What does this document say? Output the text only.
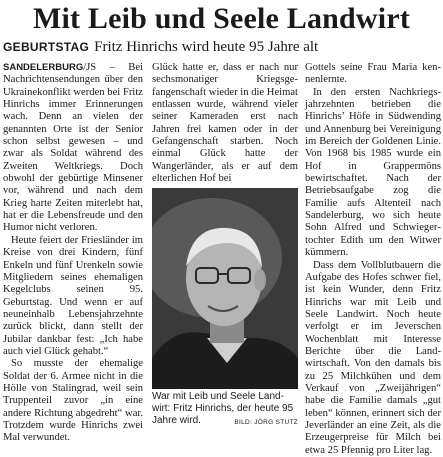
Mit Leib und Seele Landwirt
GEBURTSTAG Fritz Hinrichs wird heute 95 Jahre alt

SANDELERBURG/JS – Bei Nachrichtensendungen über den Ukrainekonflikt werden bei Fritz Hinrichs immer Erinnerungen wach. Denn an vielen der genannten Orte ist der Senior schon selbst gewesen – und zwar als Soldat während des Zweiten Weltkriegs. Doch obwohl der gebürtige Minsener vor, während und nach dem Krieg harte Zeiten miterlebt hat, hat er die Lebensfreude und den Humor nicht verloren.

Heute feiert der Friesländer im Kreise von drei Kindern, fünf Enkeln und fünf Urenkeln sowie Mitgliedern seines ehemaligen Kegelclubs seinen 95. Geburtstag. Und wenn er auf neuneinhalb Lebensjahrzehnte zurück blickt, dann stellt der Jubilar dankbar fest: „Ich habe auch viel Glück gehabt.“

So musste der ehemalige Soldat der 6. Armee nicht in die Hölle von Stalingrad, weil sein Truppenteil zuvor „in eine andere Richtung abgedreht“ war. Trotzdem wurde Hinrichs zwei Mal verwundet.

Glück hatte er, dass er nach nur sechsmonatiger Kriegsgefangenschaft wieder in die Heimat entlassen wurde, während vieler seiner Kameraden erst nach Jahren frei kamen oder in der Gefangenschaft starben. Noch einmal Glück hatte der Wangerländer, als er auf dem elterlichen Hof bei

War mit Leib und Seele Landwirt: Fritz Hinrichs, der heute 95 Jahre wird.	BILD: JÖRG STUTZ

Gottels seine Frau Maria kennenlernte.

In den ersten Nachkriegsjahrzehnten betrieben die Hinrichs’ Höfe in Südwending und Annenburg bei Vereinigung im Bereich der Goldenen Linie. Von 1968 bis 1985 wurde ein Hof in Grappermöns bewirtschaftet. Nach der Betriebsaufgabe zog die Familie aufs Altenteil nach Sandelerburg, wo sich heute Sohn Alfred und Schwiegertochter Edith um den Witwer kümmern.

Dass dem Vollblutbauern die Aufgabe des Hofes schwer fiel, ist kein Wunder, denn Fritz Hinrichs war mit Leib und Seele Landwirt. Noch heute verfolgt er im Jeverschen Wochenblatt mit Interesse Berichte über die Landwirtschaft. Von den damals bis zu 25 Milchkühen und dem Verkauf von „Zweijährigen“ habe die Familie damals „gut leben“ können, erinnert sich der Jeverländer an eine Zeit, als die Erzeugerpreise für Milch bei etwa 25 Pfennig pro Liter lag.
